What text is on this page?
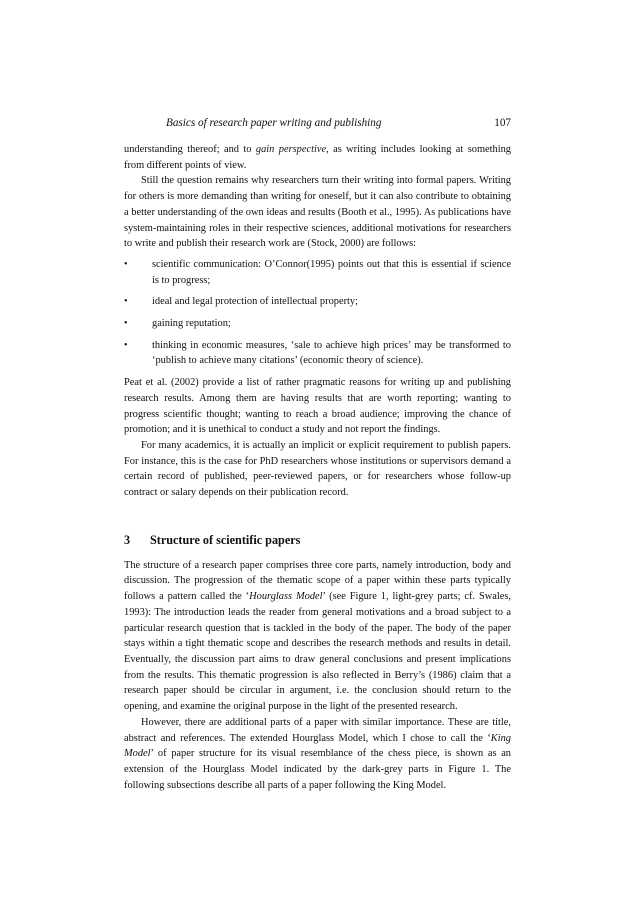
Basics of research paper writing and publishing	107

understanding thereof; and to gain perspective, as writing includes looking at something from different points of view.

Still the question remains why researchers turn their writing into formal papers. Writing for others is more demanding than writing for oneself, but it can also contribute to obtaining a better understanding of the own ideas and results (Booth et al., 1995). As publications have system-maintaining roles in their respective sciences, additional motivations for researchers to write and publish their research work are (Stock, 2000) are follows:

• scientific communication: O’Connor(1995) points out that this is essential if science is to progress;
• ideal and legal protection of intellectual property;
• gaining reputation;
• thinking in economic measures, ‘sale to achieve high prices’ may be transformed to ‘publish to achieve many citations’ (economic theory of science).

Peat et al. (2002) provide a list of rather pragmatic reasons for writing up and publishing research results. Among them are having results that are worth reporting; wanting to progress scientific thought; wanting to reach a broad audience; improving the chance of promotion; and it is unethical to conduct a study and not report the findings.

For many academics, it is actually an implicit or explicit requirement to publish papers. For instance, this is the case for PhD researchers whose institutions or supervisors demand a certain record of published, peer-reviewed papers, or for researchers whose follow-up contract or salary depends on their publication record.

3 Structure of scientific papers

The structure of a research paper comprises three core parts, namely introduction, body and discussion. The progression of the thematic scope of a paper within these parts typically follows a pattern called the ‘Hourglass Model’ (see Figure 1, light-grey parts; cf. Swales, 1993): The introduction leads the reader from general motivations and a broad subject to a particular research question that is tackled in the body of the paper. The body of the paper stays within a tight thematic scope and describes the research methods and results in detail. Eventually, the discussion part aims to draw general conclusions and present implications from the results. This thematic progression is also reflected in Berry’s (1986) claim that a research paper should be circular in argument, i.e. the conclusion should return to the opening, and examine the original purpose in the light of the presented research.

However, there are additional parts of a paper with similar importance. These are title, abstract and references. The extended Hourglass Model, which I chose to call the ‘King Model’ of paper structure for its visual resemblance of the chess piece, is shown as an extension of the Hourglass Model indicated by the dark-grey parts in Figure 1. The following subsections describe all parts of a paper following the King Model.
